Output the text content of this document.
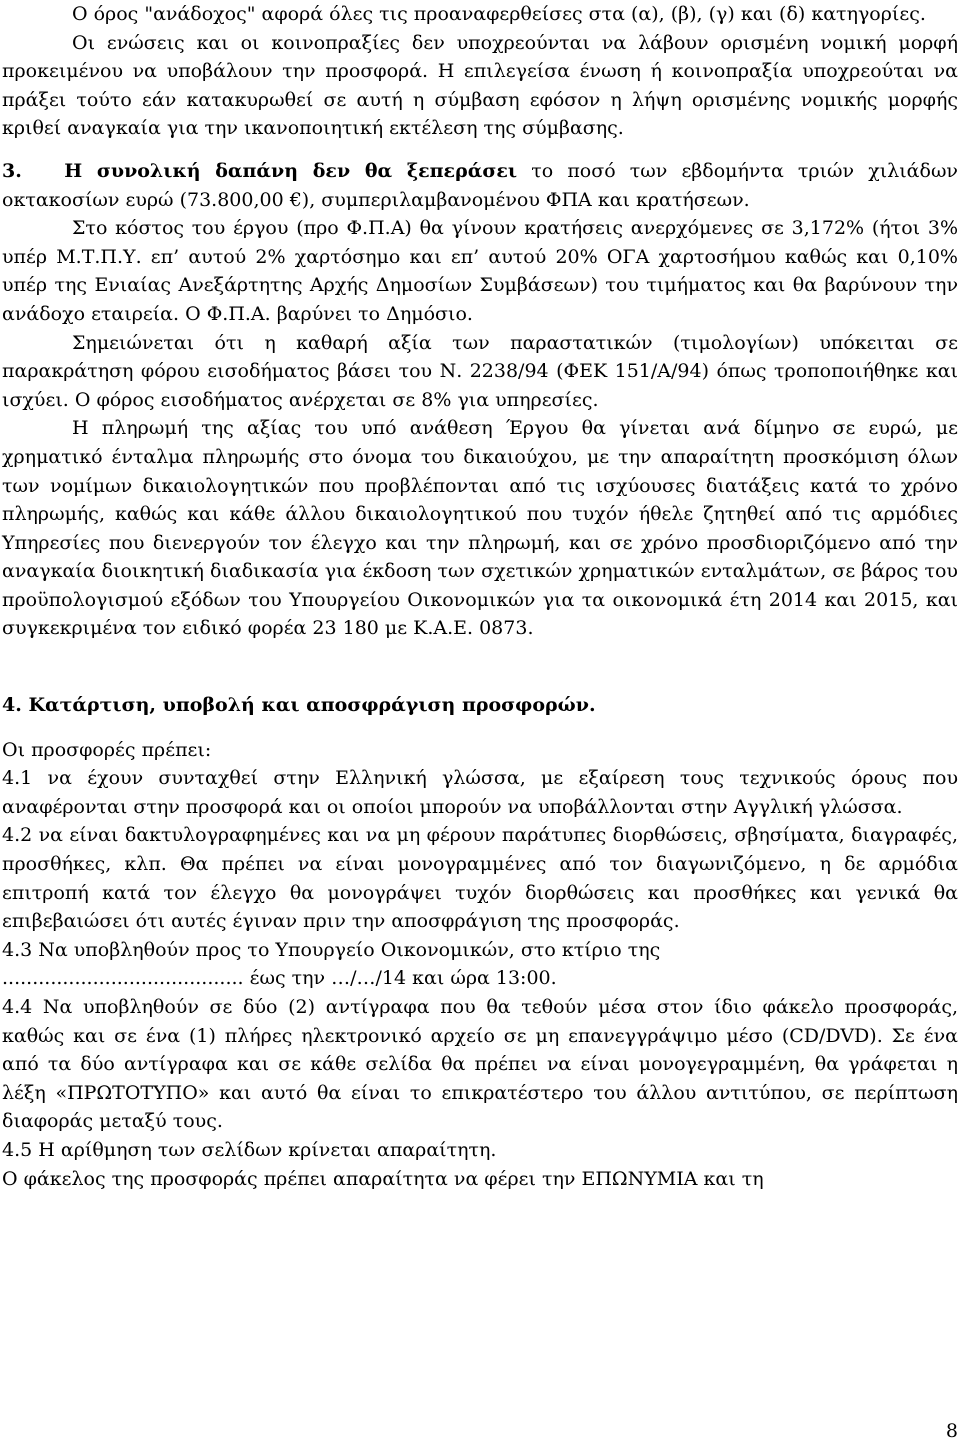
Ο όρος "ανάδοχος" αφορά όλες τις προαναφερθείσες στα (α), (β), (γ) και (δ) κατηγορίες.

Οι ενώσεις και οι κοινοπραξίες δεν υποχρεούνται να λάβουν ορισμένη νομική μορφή προκειμένου να υποβάλουν την προσφορά. Η επιλεγείσα ένωση ή κοινοπραξία υποχρεούται να πράξει τούτο εάν κατακυρωθεί σε αυτή η σύμβαση εφόσον η λήψη ορισμένης νομικής μορφής κριθεί αναγκαία για την ικανοποιητική εκτέλεση της σύμβασης.

3. Η συνολική δαπάνη δεν θα ξεπεράσει το ποσό των εβδομήντα τριών χιλιάδων οκτακοσίων ευρώ (73.800,00 €), συμπεριλαμβανομένου ΦΠΑ και κρατήσεων.

Στο κόστος του έργου (προ Φ.Π.Α) θα γίνουν κρατήσεις ανερχόμενες σε 3,172% (ήτοι 3% υπέρ Μ.Τ.Π.Υ. επ’ αυτού 2% χαρτόσημο και επ’ αυτού 20% ΟΓΑ χαρτοσήμου καθώς και 0,10% υπέρ της Ενιαίας Ανεξάρτητης Αρχής Δημοσίων Συμβάσεων) του τιμήματος και θα βαρύνουν την ανάδοχο εταιρεία. Ο Φ.Π.Α. βαρύνει το Δημόσιο.

Σημειώνεται ότι η καθαρή αξία των παραστατικών (τιμολογίων) υπόκειται σε παρακράτηση φόρου εισοδήματος βάσει του Ν. 2238/94 (ΦΕΚ 151/Α/94) όπως τροποποιήθηκε και ισχύει. Ο φόρος εισοδήματος ανέρχεται σε 8% για υπηρεσίες.

Η πληρωμή της αξίας του υπό ανάθεση Έργου θα γίνεται ανά δίμηνο σε ευρώ, με χρηματικό ένταλμα πληρωμής στο όνομα του δικαιούχου, με την απαραίτητη προσκόμιση όλων των νομίμων δικαιολογητικών που προβλέπονται από τις ισχύουσες διατάξεις κατά το χρόνο πληρωμής, καθώς και κάθε άλλου δικαιολογητικού που τυχόν ήθελε ζητηθεί από τις αρμόδιες Υπηρεσίες που διενεργούν τον έλεγχο και την πληρωμή, και σε χρόνο προσδιοριζόμενο από την αναγκαία διοικητική διαδικασία για έκδοση των σχετικών χρηματικών ενταλμάτων, σε βάρος του προϋπολογισμού εξόδων του Υπουργείου Οικονομικών για τα οικονομικά έτη 2014 και 2015, και συγκεκριμένα τον ειδικό φορέα 23 180 με Κ.Α.Ε. 0873.

4. Κατάρτιση, υποβολή και αποσφράγιση προσφορών.

Οι προσφορές πρέπει:

4.1 να έχουν συνταχθεί στην Ελληνική γλώσσα, με εξαίρεση τους τεχνικούς όρους που αναφέρονται στην προσφορά και οι οποίοι μπορούν να υποβάλλονται στην Αγγλική γλώσσα.

4.2 να είναι δακτυλογραφημένες και να μη φέρουν παράτυπες διορθώσεις, σβησίματα, διαγραφές, προσθήκες, κλπ. Θα πρέπει να είναι μονογραμμένες από τον διαγωνιζόμενο, η δε αρμόδια επιτροπή κατά τον έλεγχο θα μονογράψει τυχόν διορθώσεις και προσθήκες και γενικά θα επιβεβαιώσει ότι αυτές έγιναν πριν την αποσφράγιση της προσφοράς.

4.3 Να υποβληθούν προς το Υπουργείο Οικονομικών, στο κτίριο της

........................................ έως την …/…/14 και ώρα 13:00.

4.4 Να υποβληθούν σε δύο (2) αντίγραφα που θα τεθούν μέσα στον ίδιο φάκελο προσφοράς, καθώς και σε ένα (1) πλήρες ηλεκτρονικό αρχείο σε μη επανεγγράψιμο μέσο (CD/DVD). Σε ένα από τα δύο αντίγραφα και σε κάθε σελίδα θα πρέπει να είναι μονογεγραμμένη, θα γράφεται η λέξη «ΠΡΩΤΟΤΥΠΟ» και αυτό θα είναι το επικρατέστερο του άλλου αντιτύπου, σε περίπτωση διαφοράς μεταξύ τους.

4.5 Η αρίθμηση των σελίδων κρίνεται απαραίτητη.

Ο φάκελος της προσφοράς πρέπει απαραίτητα να φέρει την ΕΠΩΝΥΜΙΑ και τη

8
